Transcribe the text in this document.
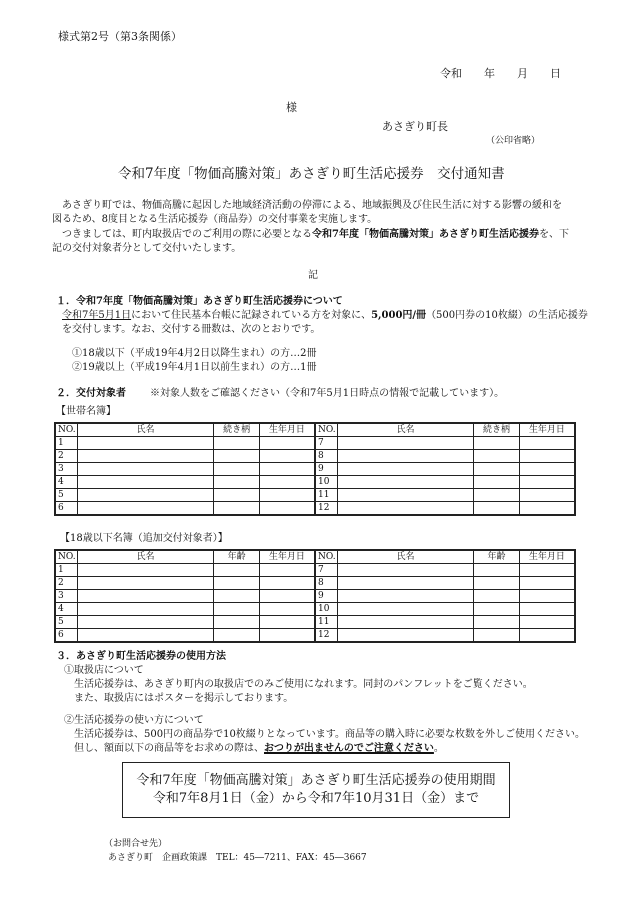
様式第2号（第3条関係）
令和　　年　　月　　日
様
あさぎり町長
（公印省略）
令和7年度「物価高騰対策」あさぎり町生活応援券　交付通知書
あさぎり町では、物価高騰に起因した地域経済活動の停滞による、地域振興及び住民生活に対する影響の緩和を
図るため、8度目となる生活応援券（商品券）の交付事業を実施します。
つきましては、町内取扱店でのご利用の際に必要となる令和7年度「物価高騰対策」あさぎり町生活応援券を、下
記の交付対象者分として交付いたします。
記
１．令和7年度「物価高騰対策」あさぎり町生活応援券について
令和7年5月1日において住民基本台帳に記録されている方を対象に、5,000円/冊（500円券の10枚綴）の生活応援券
を交付します。なお、交付する冊数は、次のとおりです。
①18歳以下（平成19年4月2日以降生まれ）の方…2冊
②19歳以上（平成19年4月1日以前生まれ）の方…1冊
２．交付対象者 ※対象人数をご確認ください（令和7年5月1日時点の情報で記載しています）。
【世帯名簿】
NO.	氏名	続き柄	生年月日	NO.	氏名	続き柄	生年月日
1				7			
2				8			
3				9			
4				10			
5				11			
6				12			
【18歳以下名簿（追加交付対象者）】
NO.	氏名	年齢	生年月日	NO.	氏名	年齢	生年月日
1				7			
2				8			
3				9			
4				10			
5				11			
6				12			
３．あさぎり町生活応援券の使用方法
①取扱店について
生活応援券は、あさぎり町内の取扱店でのみご使用になれます。同封のパンフレットをご覧ください。
また、取扱店にはポスターを掲示しております。
②生活応援券の使い方について
生活応援券は、500円の商品券で10枚綴りとなっています。商品等の購入時に必要な枚数を外しご使用ください。
但し、額面以下の商品等をお求めの際は、おつりが出ませんのでご注意ください。
令和7年度「物価高騰対策」あさぎり町生活応援券の使用期間
令和7年8月1日（金）から令和7年10月31日（金）まで
（お問合せ先）
あさぎり町　企画政策課　TEL：45―7211、FAX：45―3667
